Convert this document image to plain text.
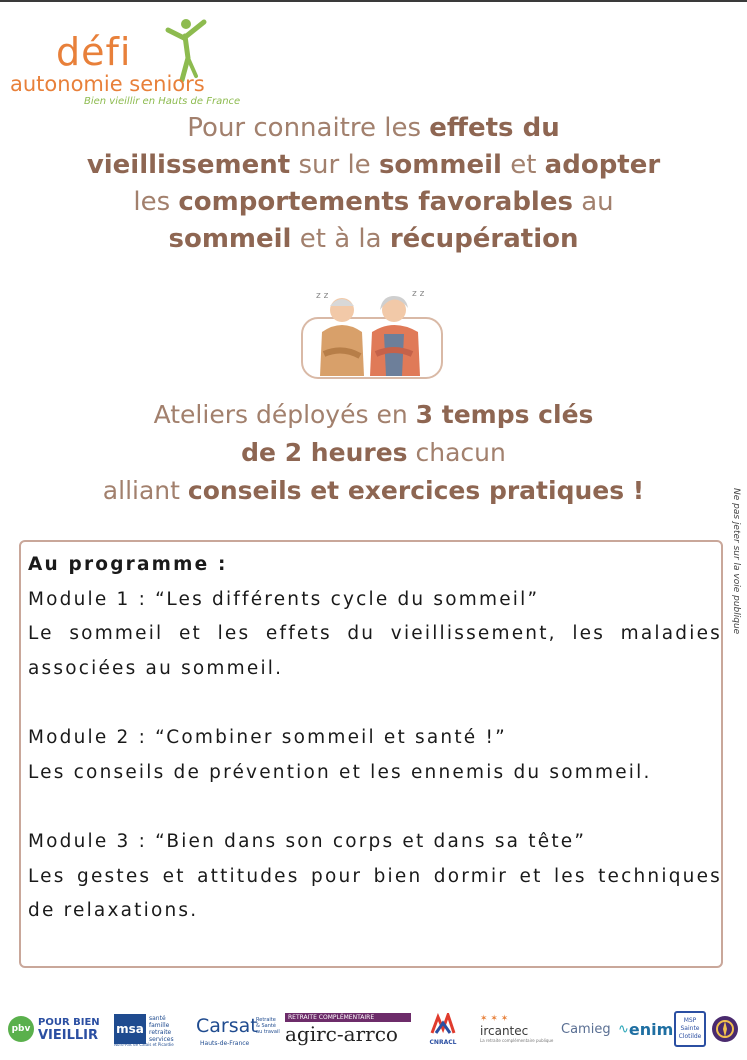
défi
autonomie seniors
Bien vieillir en Hauts de France
Pour connaitre les effets du
vieillissement sur le sommeil et adopter
les comportements favorables au
sommeil et à la récupération
z z	z z
Ateliers déployés en 3 temps clés
de 2 heures chacun
alliant conseils et exercices pratiques !	Ne pas jeter sur la voie publique

Au programme :

Module 1 : “Les différents cycle du sommeil”

Le sommeil et les effets du vieillissement, les maladies associées au sommeil.

Module 2 : “Combiner sommeil et santé !”

Les conseils de prévention et les ennemis du sommeil.

Module 3 : “Bien dans son corps et dans sa tête”

Les gestes et attitudes pour bien dormir et les techniques de relaxations.

pbv
POUR BIEN
VIEILLIR msa
santé famille retraite services
Nord-Pas de Calais et Picardie
Carsat
Retraite & Santé au travail
Hauts-de-France
RETRAITE COMPLÉMENTAIRE
agirc-arrco	CNRACL
✶ ✶ ✶
ircantec
La retraite complémentaire publique
Camieg ∿ enim	MSP
Sainte
Clotilde
